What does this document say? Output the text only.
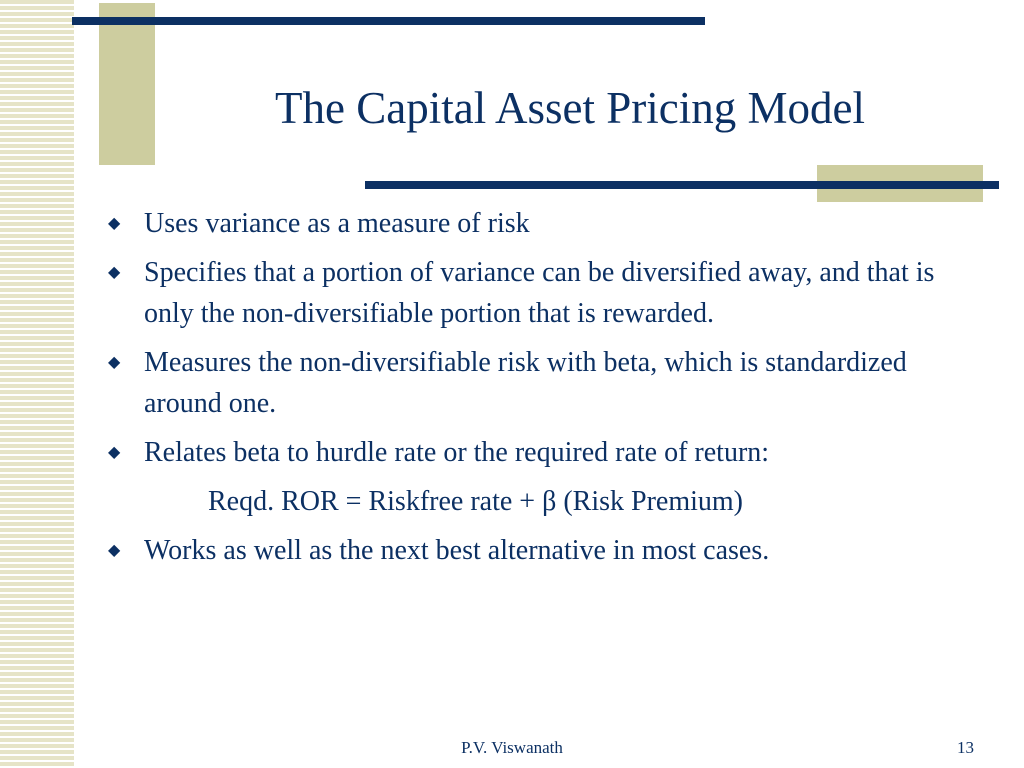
The Capital Asset Pricing Model
◆ Uses variance as a measure of risk
◆ Specifies that a portion of variance can be diversified away, and that is only the non-diversifiable portion that is rewarded.
◆ Measures the non-diversifiable risk with beta, which is standardized around one.
◆ Relates beta to hurdle rate or the required rate of return:
Reqd. ROR = Riskfree rate + β (Risk Premium)
◆ Works as well as the next best alternative in most cases.
P.V. Viswanath	13
